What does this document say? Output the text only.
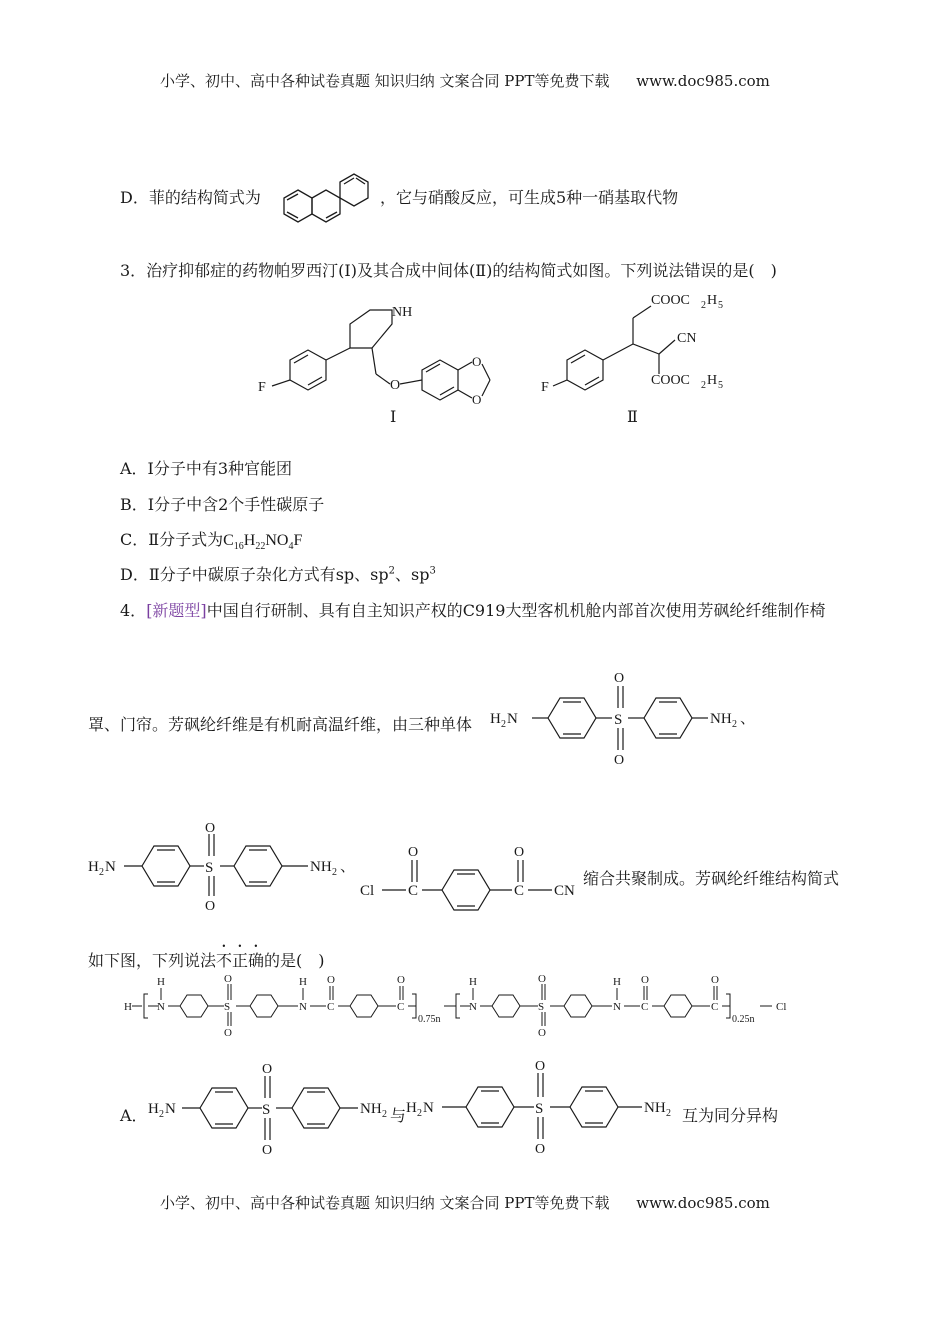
小学、初中、高中各种试卷真题 知识归纳 文案合同 PPT等免费下载 www.doc985.com
D．菲的结构简式为	，它与硝酸反应，可生成5种一硝基取代物
3．治疗抑郁症的药物帕罗西汀(Ⅰ)及其合成中间体(Ⅱ)的结构简式如图。下列说法错误的是(　)
NH
F	O
O
O
F
COOC 2 H 5
CN
COOC 2 H 5
Ⅰ	Ⅱ
A．Ⅰ分子中有3种官能团
B．Ⅰ分子中含2个手性碳原子
C．Ⅱ分子式为$C_{16}H_{22}NO_4F$
D．Ⅱ分子中碳原子杂化方式有sp、$sp^2$、$sp^3$
4．[新题型]中国自行研制、具有自主知识产权的C919大型客机机舱内部首次使用芳砜纶纤维制作椅
罩、门帘。芳砜纶纤维是有机耐高温纤维，由三种单体 H 2 N	S
O
O
NH 2 、
H 2 N	S
O
O
NH 2 、
Cl C
O
C
O
CN
缩合共聚制成。芳砜纶纤维结构简式
如下图，下列说法不正确的是(　)
H
H
N	S
O
O
H
N C
O
C
O
0.75n
H
N	S
O
O
H
N C
O
C
O
0.25n
Cl
A． H 2 N	S
O
O
NH 2 与 H 2 N	S
O
O
NH 2 互为同分异构
小学、初中、高中各种试卷真题 知识归纳 文案合同 PPT等免费下载 www.doc985.com
